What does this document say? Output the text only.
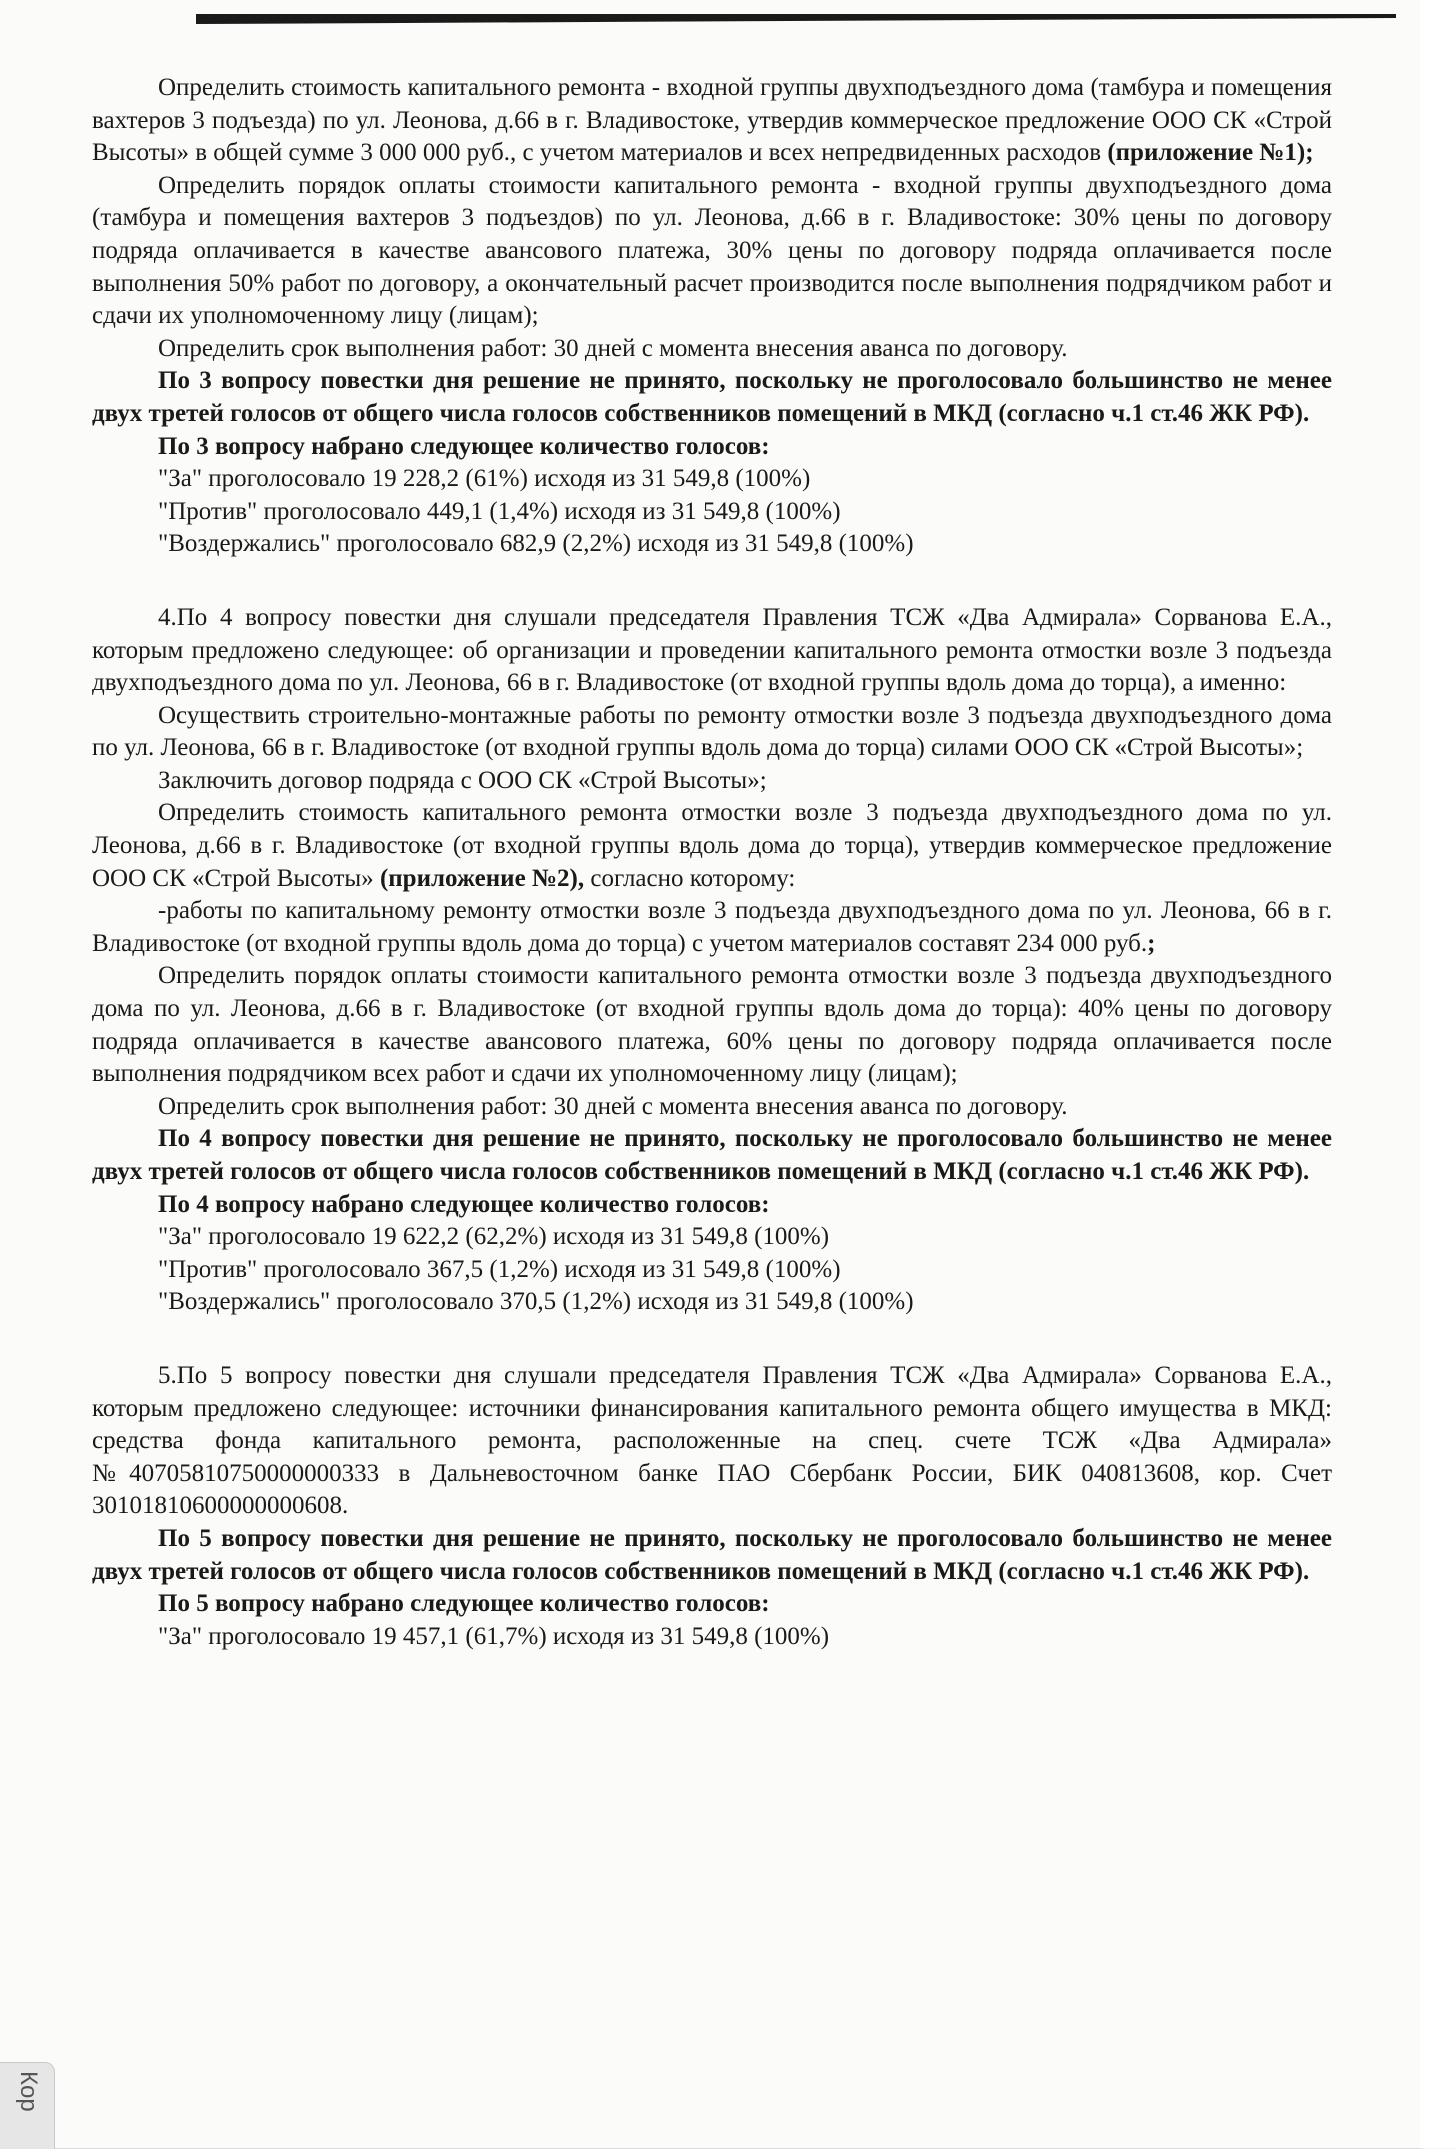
Определить стоимость капитального ремонта - входной группы двухподъездного дома (тамбура и помещения вахтеров 3 подъезда) по ул. Леонова, д.66 в г. Владивостоке, утвердив коммерческое предложение ООО СК «Строй Высоты» в общей сумме 3 000 000 руб., с учетом материалов и всех непредвиденных расходов (приложение №1);

Определить порядок оплаты стоимости капитального ремонта - входной группы двухподъездного дома (тамбура и помещения вахтеров 3 подъездов) по ул. Леонова, д.66 в г. Владивостоке: 30% цены по договору подряда оплачивается в качестве авансового платежа, 30% цены по договору подряда оплачивается после выполнения 50% работ по договору, а окончательный расчет производится после выполнения подрядчиком работ и сдачи их уполномоченному лицу (лицам);

Определить срок выполнения работ: 30 дней с момента внесения аванса по договору.

По 3 вопросу повестки дня решение не принято, поскольку не проголосовало большинство не менее двух третей голосов от общего числа голосов собственников помещений в МКД (согласно ч.1 ст.46 ЖК РФ).

По 3 вопросу набрано следующее количество голосов:

"За" проголосовало 19 228,2 (61%) исходя из 31 549,8 (100%)

"Против" проголосовало 449,1 (1,4%) исходя из 31 549,8 (100%)

"Воздержались" проголосовало 682,9 (2,2%) исходя из 31 549,8 (100%)

4.По 4 вопросу повестки дня слушали председателя Правления ТСЖ «Два Адмирала» Сорванова Е.А., которым предложено следующее: об организации и проведении капитального ремонта отмостки возле 3 подъезда двухподъездного дома по ул. Леонова, 66 в г. Владивостоке (от входной группы вдоль дома до торца), а именно:

Осуществить строительно-монтажные работы по ремонту отмостки возле 3 подъезда двухподъездного дома по ул. Леонова, 66 в г. Владивостоке (от входной группы вдоль дома до торца) силами ООО СК «Строй Высоты»;

Заключить договор подряда с ООО СК «Строй Высоты»;

Определить стоимость капитального ремонта отмостки возле 3 подъезда двухподъездного дома по ул. Леонова, д.66 в г. Владивостоке (от входной группы вдоль дома до торца), утвердив коммерческое предложение ООО СК «Строй Высоты» (приложение №2), согласно которому:

-работы по капитальному ремонту отмостки возле 3 подъезда двухподъездного дома по ул. Леонова, 66 в г. Владивостоке (от входной группы вдоль дома до торца) с учетом материалов составят 234 000 руб.;

Определить порядок оплаты стоимости капитального ремонта отмостки возле 3 подъезда двухподъездного дома по ул. Леонова, д.66 в г. Владивостоке (от входной группы вдоль дома до торца): 40% цены по договору подряда оплачивается в качестве авансового платежа, 60% цены по договору подряда оплачивается после выполнения подрядчиком всех работ и сдачи их уполномоченному лицу (лицам);

Определить срок выполнения работ: 30 дней с момента внесения аванса по договору.

По 4 вопросу повестки дня решение не принято, поскольку не проголосовало большинство не менее двух третей голосов от общего числа голосов собственников помещений в МКД (согласно ч.1 ст.46 ЖК РФ).

По 4 вопросу набрано следующее количество голосов:

"За" проголосовало 19 622,2 (62,2%) исходя из 31 549,8 (100%)

"Против" проголосовало 367,5 (1,2%) исходя из 31 549,8 (100%)

"Воздержались" проголосовало 370,5 (1,2%) исходя из 31 549,8 (100%)

5.По 5 вопросу повестки дня слушали председателя Правления ТСЖ «Два Адмирала» Сорванова Е.А., которым предложено следующее: источники финансирования капитального ремонта общего имущества в МКД: средства фонда капитального ремонта, расположенные на спец. счете ТСЖ «Два Адмирала» №40705810750000000333 в Дальневосточном банке ПАО Сбербанк России, БИК 040813608, кор. Счет 30101810600000000608.

По 5 вопросу повестки дня решение не принято, поскольку не проголосовало большинство не менее двух третей голосов от общего числа голосов собственников помещений в МКД (согласно ч.1 ст.46 ЖК РФ).

По 5 вопросу набрано следующее количество голосов:

"За" проголосовало 19 457,1 (61,7%) исходя из 31 549,8 (100%)

Кор
